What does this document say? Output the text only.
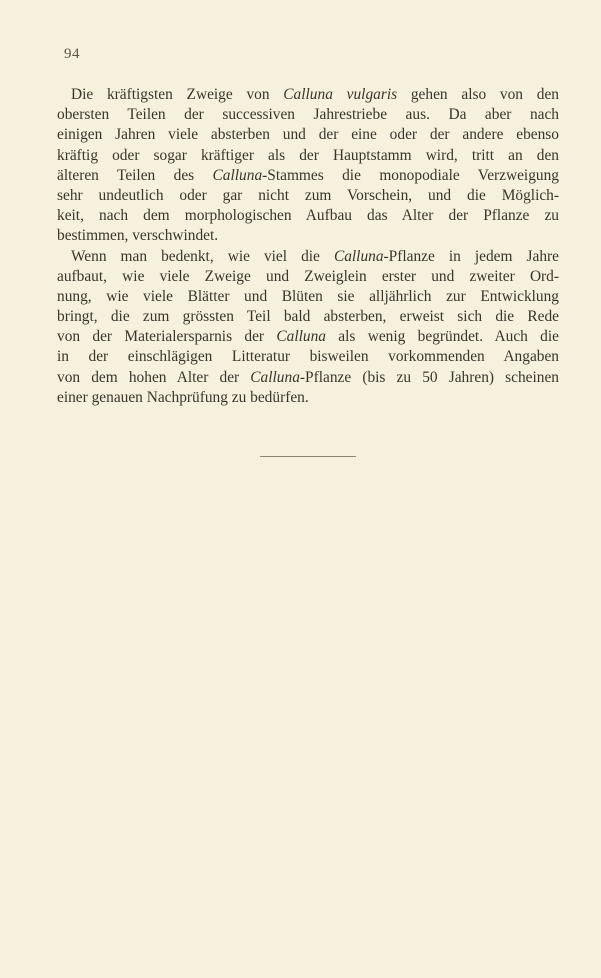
94
Die kräftigsten Zweige von Calluna vulgaris gehen also von den
obersten Teilen der successiven Jahrestriebe aus. Da aber nach
einigen Jahren viele absterben und der eine oder der andere ebenso
kräftig oder sogar kräftiger als der Hauptstamm wird, tritt an den
älteren Teilen des Calluna-Stammes die monopodiale Verzweigung
sehr undeutlich oder gar nicht zum Vorschein, und die Möglich-
keit, nach dem morphologischen Aufbau das Alter der Pflanze zu
bestimmen, verschwindet.
Wenn man bedenkt, wie viel die Calluna-Pflanze in jedem Jahre
aufbaut, wie viele Zweige und Zweiglein erster und zweiter Ord-
nung, wie viele Blätter und Blüten sie alljährlich zur Entwicklung
bringt, die zum grössten Teil bald absterben, erweist sich die Rede
von der Materialersparnis der Calluna als wenig begründet. Auch die
in der einschlägigen Litteratur bisweilen vorkommenden Angaben
von dem hohen Alter der Calluna-Pflanze (bis zu 50 Jahren) scheinen
einer genauen Nachprüfung zu bedürfen.
